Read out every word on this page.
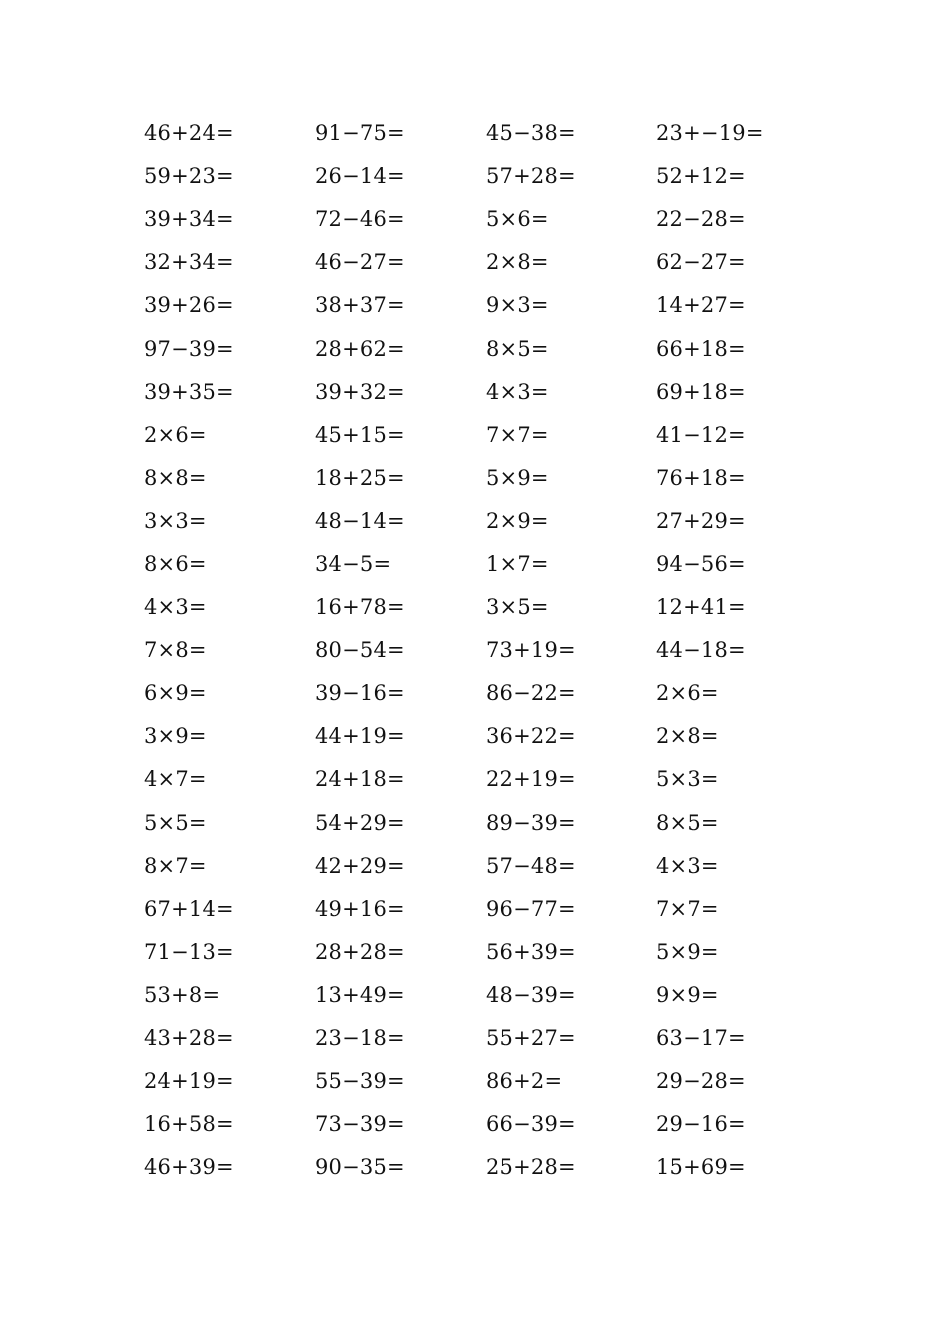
46+24=	91−75=	45−38=	23+−19=
59+23=	26−14=	57+28=	52+12=
39+34=	72−46=	5×6=	22−28=
32+34=	46−27=	2×8=	62−27=
39+26=	38+37=	9×3=	14+27=
97−39=	28+62=	8×5=	66+18=
39+35=	39+32=	4×3=	69+18=
2×6=	45+15=	7×7=	41−12=
8×8=	18+25=	5×9=	76+18=
3×3=	48−14=	2×9=	27+29=
8×6=	34−5=	1×7=	94−56=
4×3=	16+78=	3×5=	12+41=
7×8=	80−54=	73+19=	44−18=
6×9=	39−16=	86−22=	2×6=
3×9=	44+19=	36+22=	2×8=
4×7=	24+18=	22+19=	5×3=
5×5=	54+29=	89−39=	8×5=
8×7=	42+29=	57−48=	4×3=
67+14=	49+16=	96−77=	7×7=
71−13=	28+28=	56+39=	5×9=
53+8=	13+49=	48−39=	9×9=
43+28=	23−18=	55+27=	63−17=
24+19=	55−39=	86+2=	29−28=
16+58=	73−39=	66−39=	29−16=
46+39=	90−35=	25+28=	15+69=
